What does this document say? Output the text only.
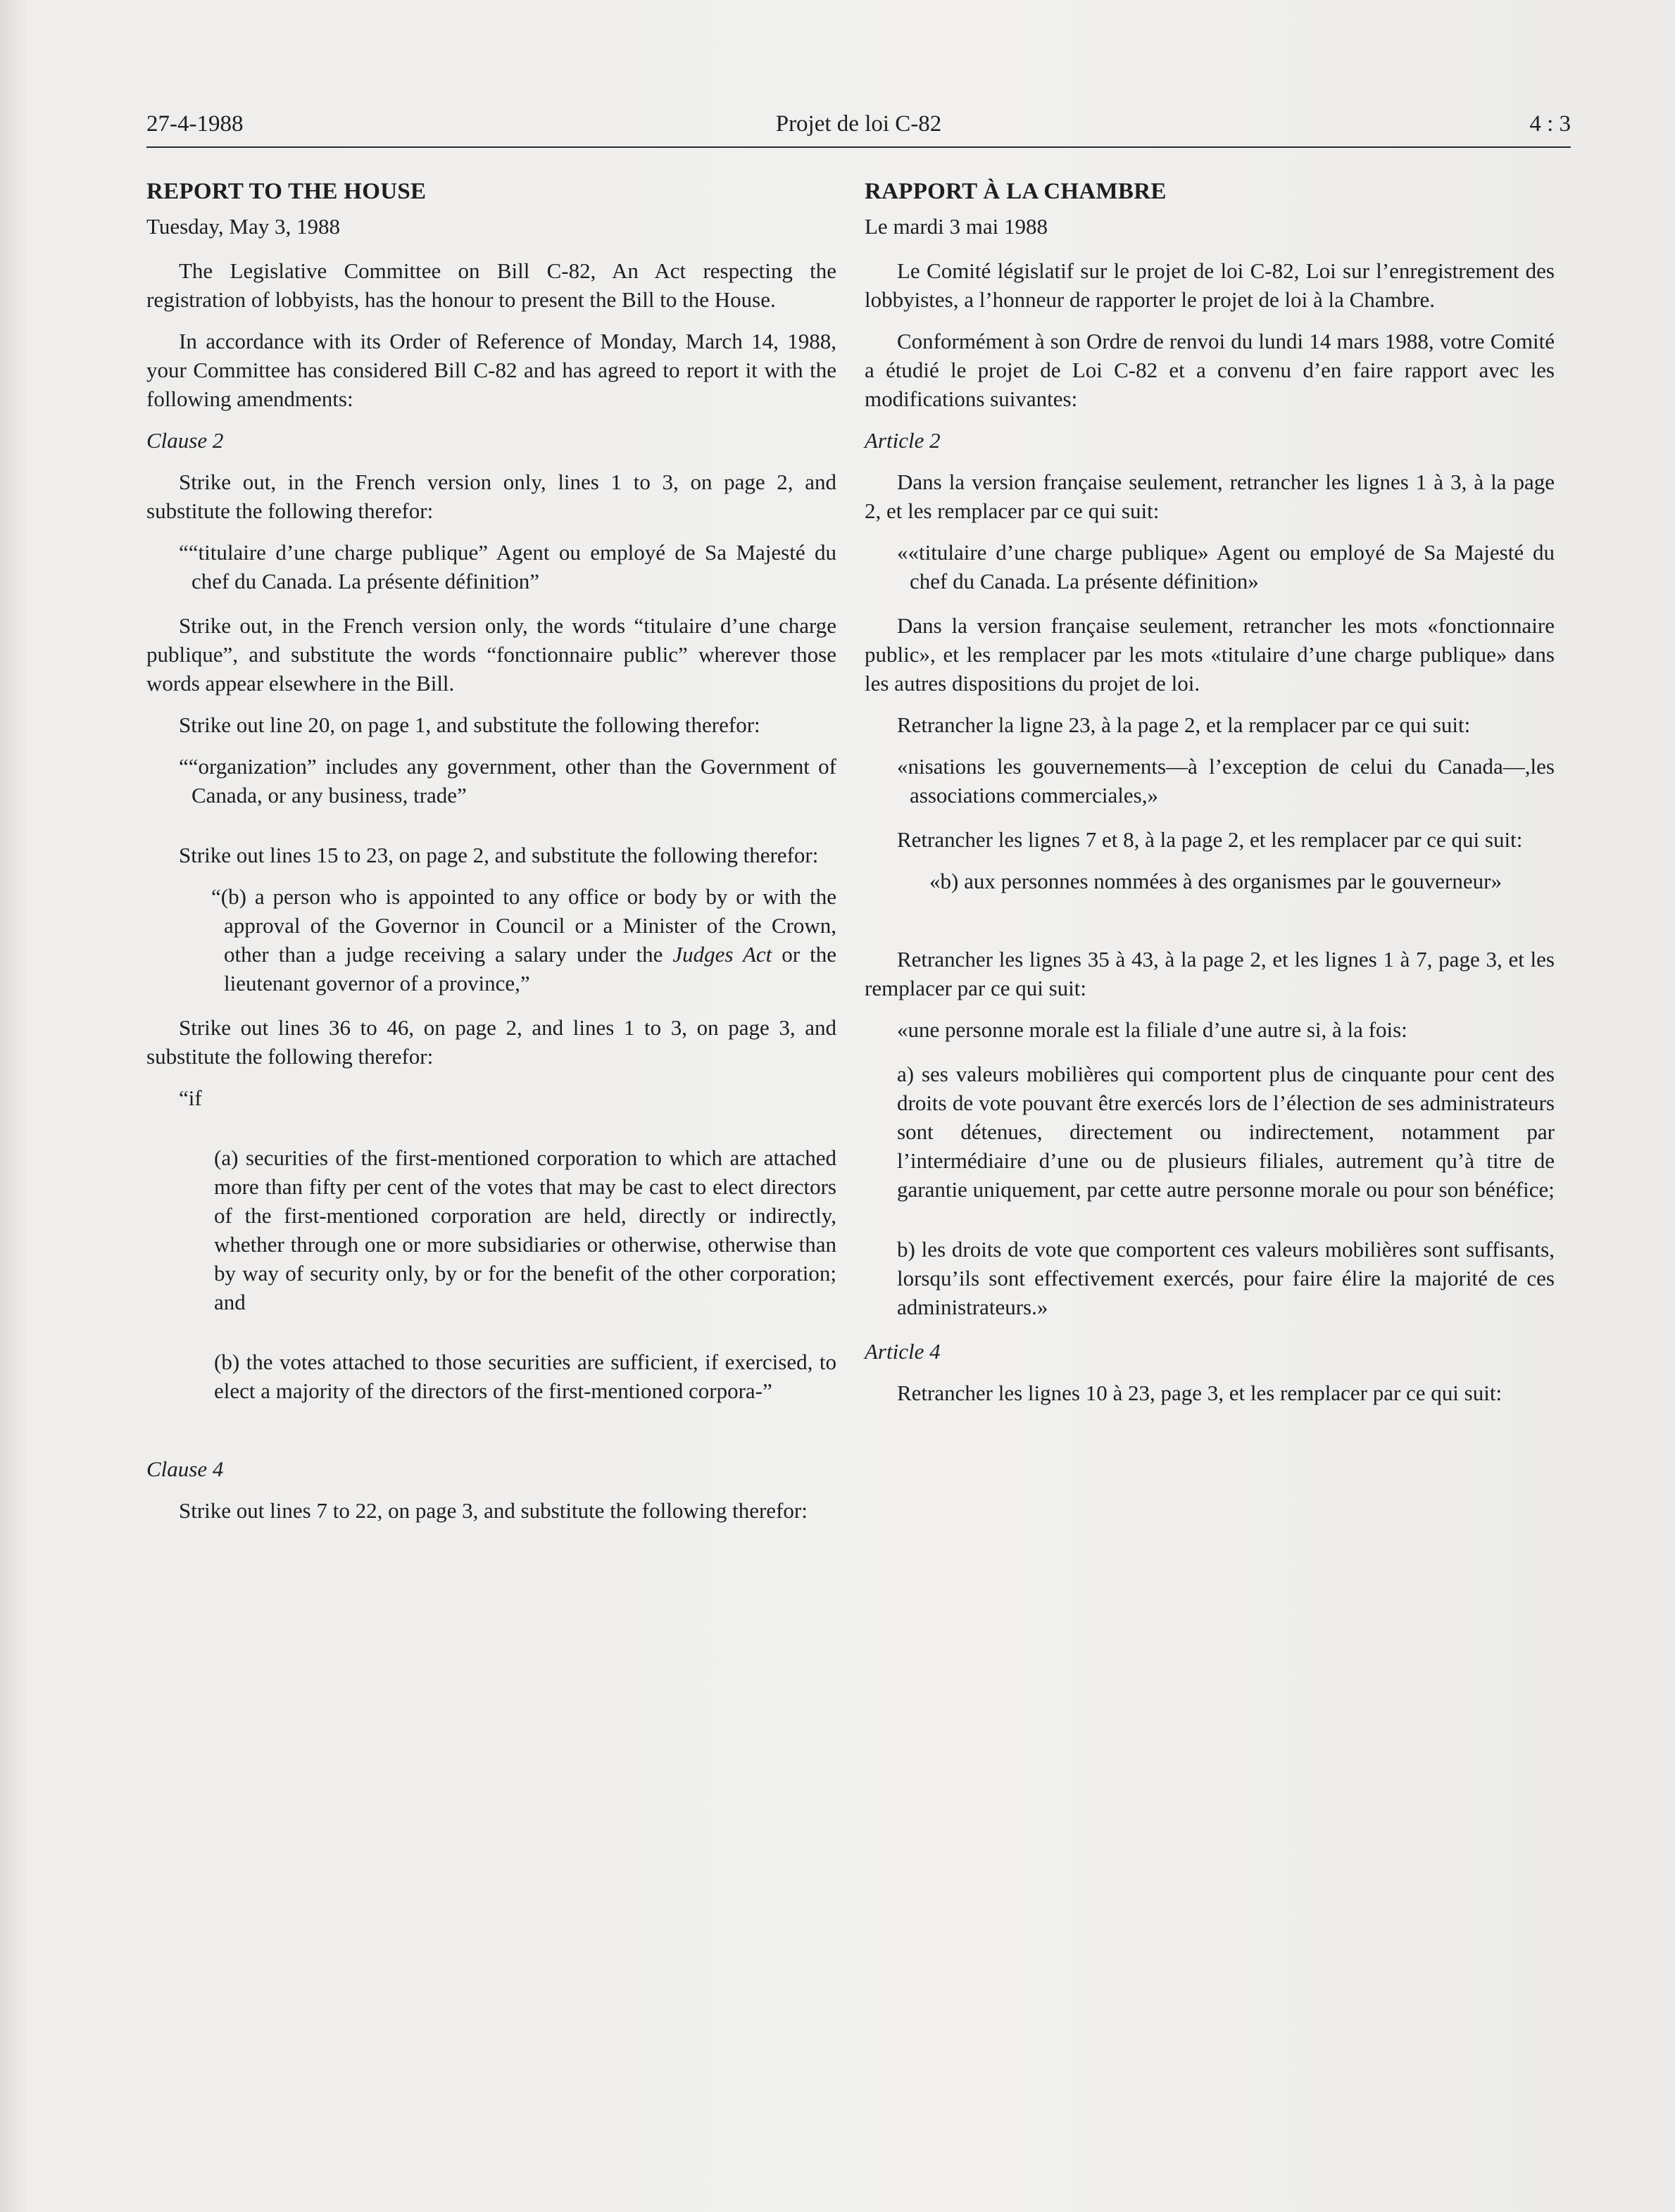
27-4-1988	Projet de loi C-82	4 : 3
REPORT TO THE HOUSE
Tuesday, May 3, 1988

The Legislative Committee on Bill C-82, An Act respecting the registration of lobbyists, has the honour to present the Bill to the House.

In accordance with its Order of Reference of Monday, March 14, 1988, your Committee has considered Bill C-82 and has agreed to report it with the following amendments:

Clause 2

Strike out, in the French version only, lines 1 to 3, on page 2, and substitute the following therefor:

““titulaire d’une charge publique” Agent ou employé de Sa Majesté du chef du Canada. La présente définition”

Strike out, in the French version only, the words “titulaire d’une charge publique”, and substitute the words “fonctionnaire public” wherever those words appear elsewhere in the Bill.

Strike out line 20, on page 1, and substitute the following therefor:

““organization” includes any government, other than the Government of Canada, or any business, trade”

Strike out lines 15 to 23, on page 2, and substitute the following therefor:

“(b) a person who is appointed to any office or body by or with the approval of the Governor in Council or a Minister of the Crown, other than a judge receiving a salary under the Judges Act or the lieutenant governor of a province,”

Strike out lines 36 to 46, on page 2, and lines 1 to 3, on page 3, and substitute the following therefor:

“if

(a) securities of the first-mentioned corporation to which are attached more than fifty per cent of the votes that may be cast to elect directors of the first-mentioned corporation are held, directly or indirectly, whether through one or more subsidiaries or otherwise, otherwise than by way of security only, by or for the benefit of the other corporation; and

(b) the votes attached to those securities are sufficient, if exercised, to elect a majority of the directors of the first-mentioned corpora-”

Clause 4

Strike out lines 7 to 22, on page 3, and substitute the following therefor:

RAPPORT À LA CHAMBRE
Le mardi 3 mai 1988

Le Comité législatif sur le projet de loi C-82, Loi sur l’enregistrement des lobbyistes, a l’honneur de rapporter le projet de loi à la Chambre.

Conformément à son Ordre de renvoi du lundi 14 mars 1988, votre Comité a étudié le projet de Loi C-82 et a convenu d’en faire rapport avec les modifications suivantes:

Article 2

Dans la version française seulement, retrancher les lignes 1 à 3, à la page 2, et les remplacer par ce qui suit:

««titulaire d’une charge publique» Agent ou employé de Sa Majesté du chef du Canada. La présente définition»

Dans la version française seulement, retrancher les mots «fonctionnaire public», et les remplacer par les mots «titulaire d’une charge publique» dans les autres dispositions du projet de loi.

Retrancher la ligne 23, à la page 2, et la remplacer par ce qui suit:

«nisations les gouvernements—à l’exception de celui du Canada—,les associations commerciales,»

Retrancher les lignes 7 et 8, à la page 2, et les remplacer par ce qui suit:

«b) aux personnes nommées à des organismes par le gouverneur»

Retrancher les lignes 35 à 43, à la page 2, et les lignes 1 à 7, page 3, et les remplacer par ce qui suit:

«une personne morale est la filiale d’une autre si, à la fois:

a) ses valeurs mobilières qui comportent plus de cinquante pour cent des droits de vote pouvant être exercés lors de l’élection de ses administrateurs sont détenues, directement ou indirectement, notamment par l’intermédiaire d’une ou de plusieurs filiales, autrement qu’à titre de garantie uniquement, par cette autre personne morale ou pour son bénéfice;

b) les droits de vote que comportent ces valeurs mobilières sont suffisants, lorsqu’ils sont effectivement exercés, pour faire élire la majorité de ces administrateurs.»

Article 4

Retrancher les lignes 10 à 23, page 3, et les remplacer par ce qui suit:
